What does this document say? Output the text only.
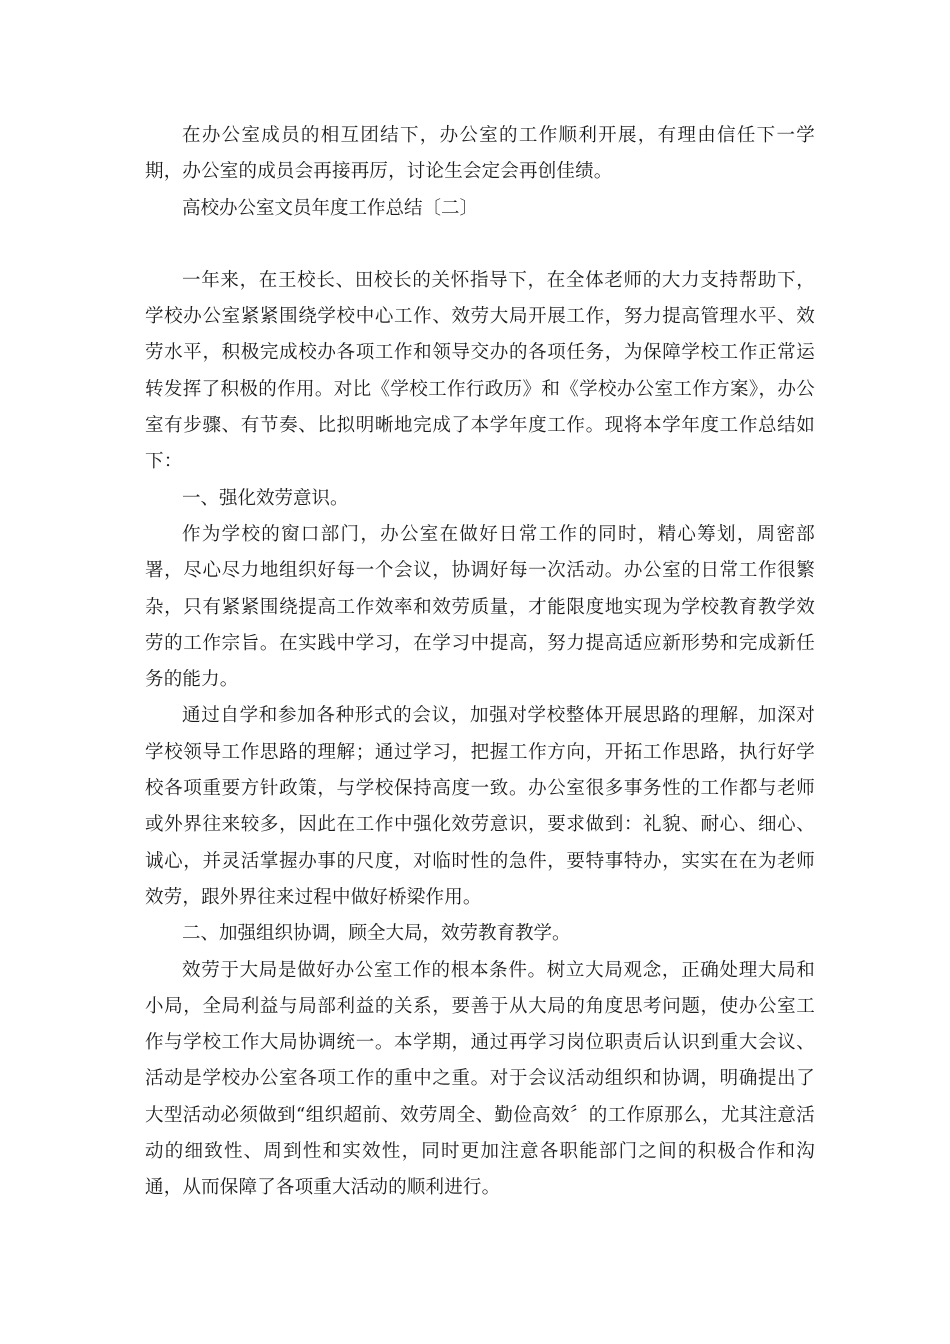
在办公室成员的相互团结下，办公室的工作顺利开展，有理由信任下一学期，办公室的成员会再接再厉，讨论生会定会再创佳绩。

高校办公室文员年度工作总结〔二〕

一年来，在王校长、田校长的关怀指导下，在全体老师的大力支持帮助下，学校办公室紧紧围绕学校中心工作、效劳大局开展工作，努力提高管理水平、效劳水平，积极完成校办各项工作和领导交办的各项任务，为保障学校工作正常运转发挥了积极的作用。对比《学校工作行政历》和《学校办公室工作方案》，办公室有步骤、有节奏、比拟明晰地完成了本学年度工作。现将本学年度工作总结如下：

一、强化效劳意识。

作为学校的窗口部门，办公室在做好日常工作的同时，精心筹划，周密部署，尽心尽力地组织好每一个会议，协调好每一次活动。办公室的日常工作很繁杂，只有紧紧围绕提高工作效率和效劳质量，才能限度地实现为学校教育教学效劳的工作宗旨。在实践中学习，在学习中提高，努力提高适应新形势和完成新任务的能力。

通过自学和参加各种形式的会议，加强对学校整体开展思路的理解，加深对学校领导工作思路的理解；通过学习，把握工作方向，开拓工作思路，执行好学校各项重要方针政策，与学校保持高度一致。办公室很多事务性的工作都与老师或外界往来较多，因此在工作中强化效劳意识，要求做到：礼貌、耐心、细心、诚心，并灵活掌握办事的尺度，对临时性的急件，要特事特办，实实在在为老师效劳，跟外界往来过程中做好桥梁作用。

二、加强组织协调，顾全大局，效劳教育教学。

效劳于大局是做好办公室工作的根本条件。树立大局观念，正确处理大局和小局，全局利益与局部利益的关系，要善于从大局的角度思考问题，使办公室工作与学校工作大局协调统一。本学期，通过再学习岗位职责后认识到重大会议、活动是学校办公室各项工作的重中之重。对于会议活动组织和协调，明确提出了大型活动必须做到“组织超前、效劳周全、勤俭高效〞的工作原那么，尤其注意活动的细致性、周到性和实效性，同时更加注意各职能部门之间的积极合作和沟通，从而保障了各项重大活动的顺利进行。
